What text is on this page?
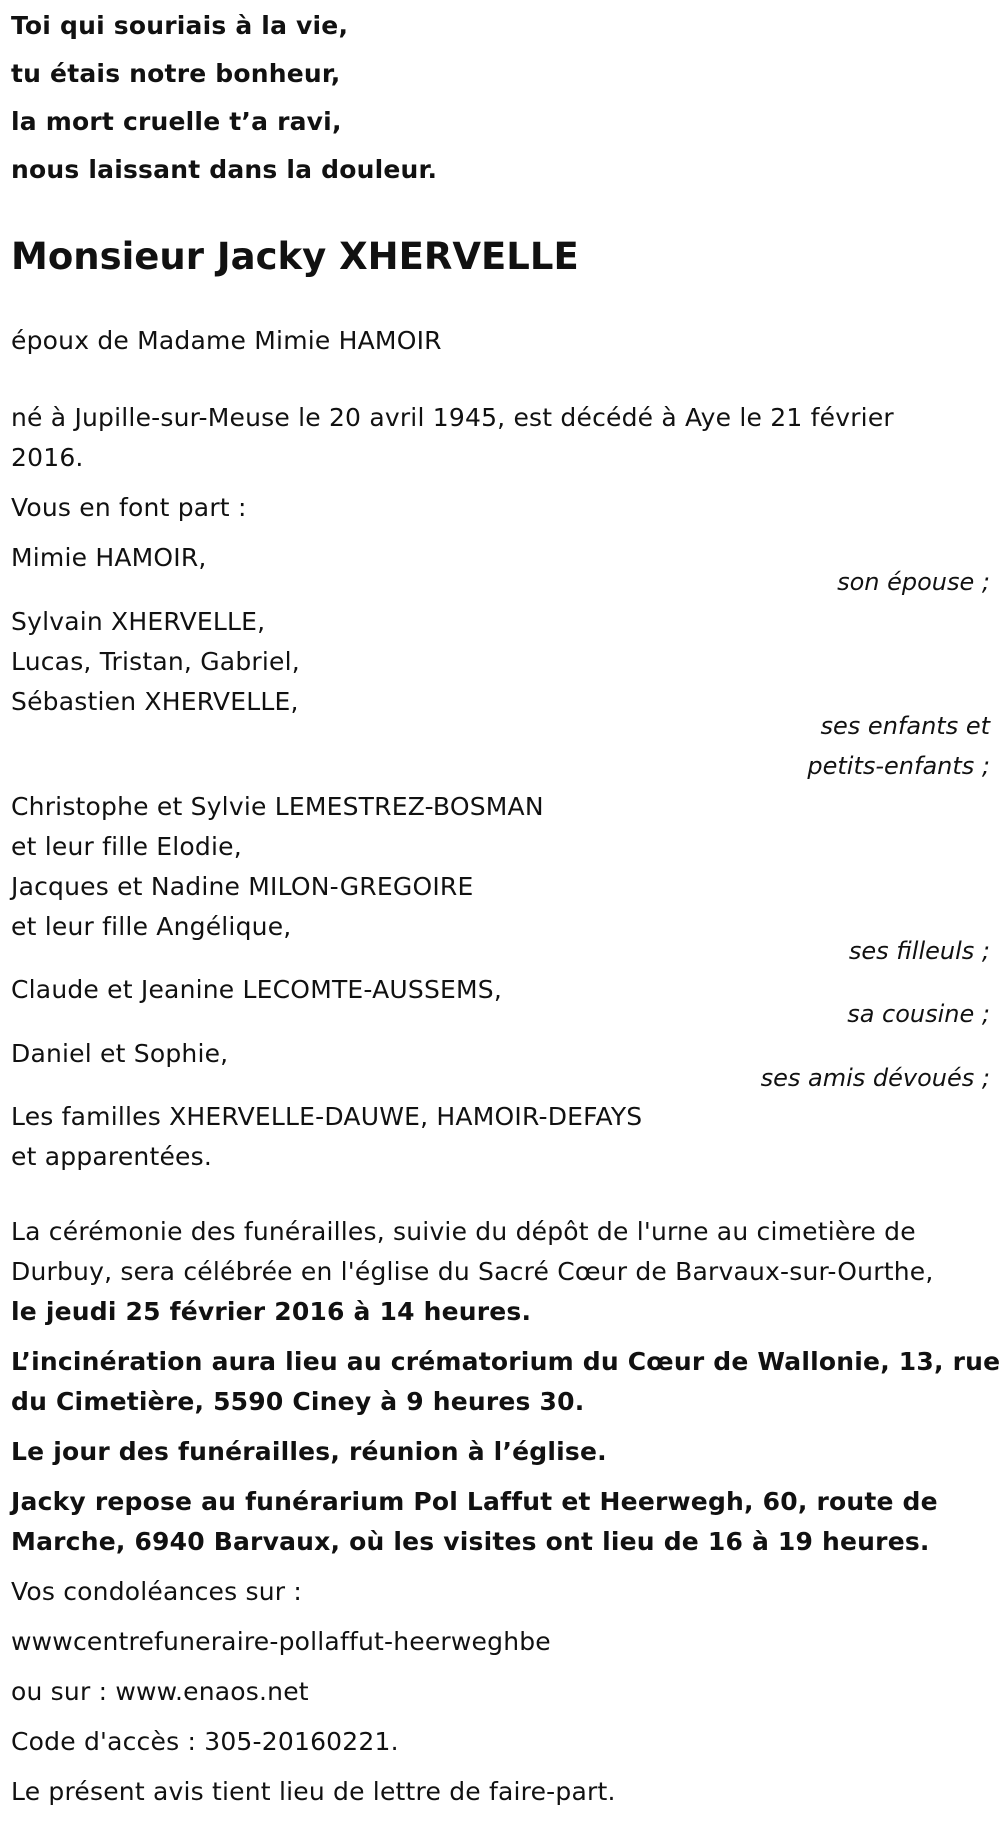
Toi qui souriais à la vie,
tu étais notre bonheur,
la mort cruelle t’a ravi,
nous laissant dans la douleur.
Monsieur Jacky XHERVELLE
époux de Madame Mimie HAMOIR
né à Jupille-sur-Meuse le 20 avril 1945, est décédé à Aye le 21 février
2016.
Vous en font part :
Mimie HAMOIR,
son épouse ;
Sylvain XHERVELLE,
Lucas, Tristan, Gabriel,
Sébastien XHERVELLE,
ses enfants et
petits-enfants ;
Christophe et Sylvie LEMESTREZ-BOSMAN
et leur fille Elodie,
Jacques et Nadine MILON-GREGOIRE
et leur fille Angélique,
ses filleuls ;
Claude et Jeanine LECOMTE-AUSSEMS,
sa cousine ;
Daniel et Sophie,
ses amis dévoués ;
Les familles XHERVELLE-DAUWE, HAMOIR-DEFAYS
et apparentées.
La cérémonie des funérailles, suivie du dépôt de l'urne au cimetière de
Durbuy, sera célébrée en l'église du Sacré Cœur de Barvaux-sur-Ourthe,
le jeudi 25 février 2016 à 14 heures.
L’incinération aura lieu au crématorium du Cœur de Wallonie, 13, rue
du Cimetière, 5590 Ciney à 9 heures 30.
Le jour des funérailles, réunion à l’église.
Jacky repose au funérarium Pol Laffut et Heerwegh, 60, route de
Marche, 6940 Barvaux, où les visites ont lieu de 16 à 19 heures.
Vos condoléances sur :
wwwcentrefuneraire-pollaffut-heerweghbe
ou sur : www.enaos.net
Code d'accès : 305-20160221.
Le présent avis tient lieu de lettre de faire-part.
